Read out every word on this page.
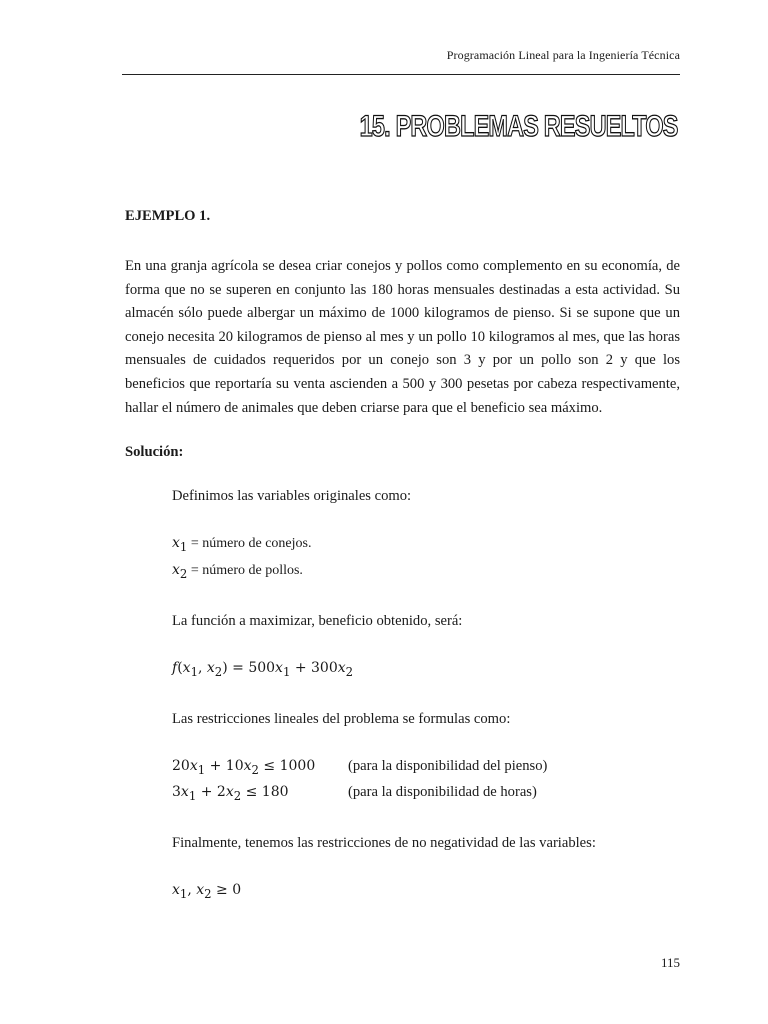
Programación Lineal para la Ingeniería Técnica
15. PROBLEMAS RESUELTOS

EJEMPLO 1.

En una granja agrícola se desea criar conejos y pollos como complemento en su economía, de forma que no se superen en conjunto las 180 horas mensuales destinadas a esta actividad. Su almacén sólo puede albergar un máximo de 1000 kilogramos de pienso. Si se supone que un conejo necesita 20 kilogramos de pienso al mes y un pollo 10 kilogramos al mes, que las horas mensuales de cuidados requeridos por un conejo son 3 y por un pollo son 2 y que los beneficios que reportaría su venta ascienden a 500 y 300 pesetas por cabeza respectivamente, hallar el número de animales que deben criarse para que el beneficio sea máximo.

Solución:

Definimos las variables originales como:

$x_1$ = número de conejos.

$x_2$ = número de pollos.

La función a maximizar, beneficio obtenido, será:

$f(x_1$, $x_2) = 500x_1 + 300x_2$

Las restricciones lineales del problema se formulas como:

$20x_1 + 10x_2 \le 1000$	(para la disponibilidad del pienso)
$3x_1 + 2x_2 \le 180$	(para la disponibilidad de horas)

Finalmente, tenemos las restricciones de no negatividad de las variables:

$x_1$, $x_2 \ge 0$

115
